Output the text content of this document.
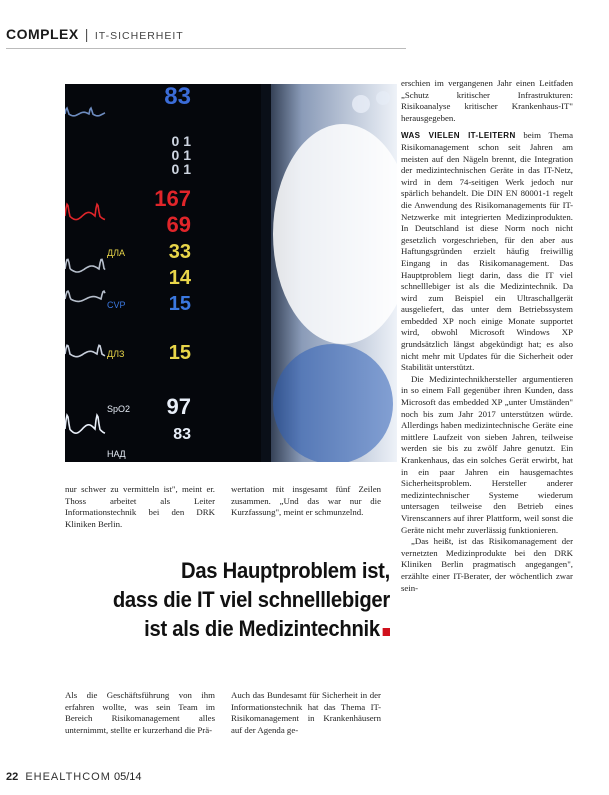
COMPLEX | IT-SICHERHEIT
83
0 1
0 1
0 1
167
69
33
ДЛА
14
15
CVP
15
ДЛЗ
97
SpO2
83
HAД

erschien im vergangenen Jahr einen Leitfaden „Schutz kritischer Infrastrukturen: Risikoanalyse kritischer Krankenhaus-IT" herausgegeben.

WAS VIELEN IT-LEITERN beim Thema Risikomanagement schon seit Jahren am meisten auf den Nägeln brennt, die Integration der medizintechnischen Geräte in das IT-Netz, wird in dem 74-seitigen Werk jedoch nur spärlich behandelt. Die DIN EN 80001-1 regelt die Anwendung des Risikomanagements für IT-Netzwerke mit integrierten Medizinprodukten. In Deutschland ist diese Norm noch nicht gesetzlich vorgeschrieben, für den aber aus Haftungsgründen erzielt häufig freiwillig Eingang in das Risikomanagement. Das Hauptproblem liegt darin, dass die IT viel schnelllebiger ist als die Medizintechnik. Da wird zum Beispiel ein Ultraschallgerät ausgeliefert, das unter dem Betriebssystem embedded XP noch einige Monate supportet wird, obwohl Microsoft Windows XP grundsätzlich längst abgekündigt hat; es also nicht mehr mit Updates für die Sicherheit oder Stabilität unterstützt.

Die Medizintechnikhersteller argumentieren in so einem Fall gegenüber ihren Kunden, dass Microsoft das embedded XP „unter Umständen" noch bis zum Jahr 2017 unterstützen würde. Allerdings haben medizintechnische Geräte eine mittlere Laufzeit von sieben Jahren, teilweise werden sie bis zu zwölf Jahre genutzt. Ein Krankenhaus, das ein solches Gerät erwirbt, hat in ein paar Jahren ein hausgemachtes Sicherheitsproblem. Hersteller anderer medizintechnischer Systeme wiederum untersagen teilweise den Betrieb eines Virenscanners auf ihrer Plattform, weil sonst die Geräte nicht mehr zuverlässig funktionieren.

„Das heißt, ist das Risikomanagement der vernetzten Medizinprodukte bei den DRK Kliniken Berlin pragmatisch angegangen", erzählte einer IT-Berater, der wöchentlich zwar sein-

nur schwer zu vermitteln ist", meint er. Thoss arbeitet als Leiter Informationstechnik bei den DRK Kliniken Berlin.

wertation mit insgesamt fünf Zeilen zusammen. „Und das war nur die Kurzfassung", meint er schmunzelnd.

Das Hauptproblem ist,
dass die IT viel schnelllebiger
ist als die Medizintechnik

Als die Geschäftsführung von ihm erfahren wollte, was sein Team im Bereich Risikomanagement alles unternimmt, stellte er kurzerhand die Prä-

Auch das Bundesamt für Sicherheit in der Informationstechnik hat das Thema IT-Risikomanagement in Krankenhäusern auf der Agenda ge-

22 EHEALTHCOM 05/14
